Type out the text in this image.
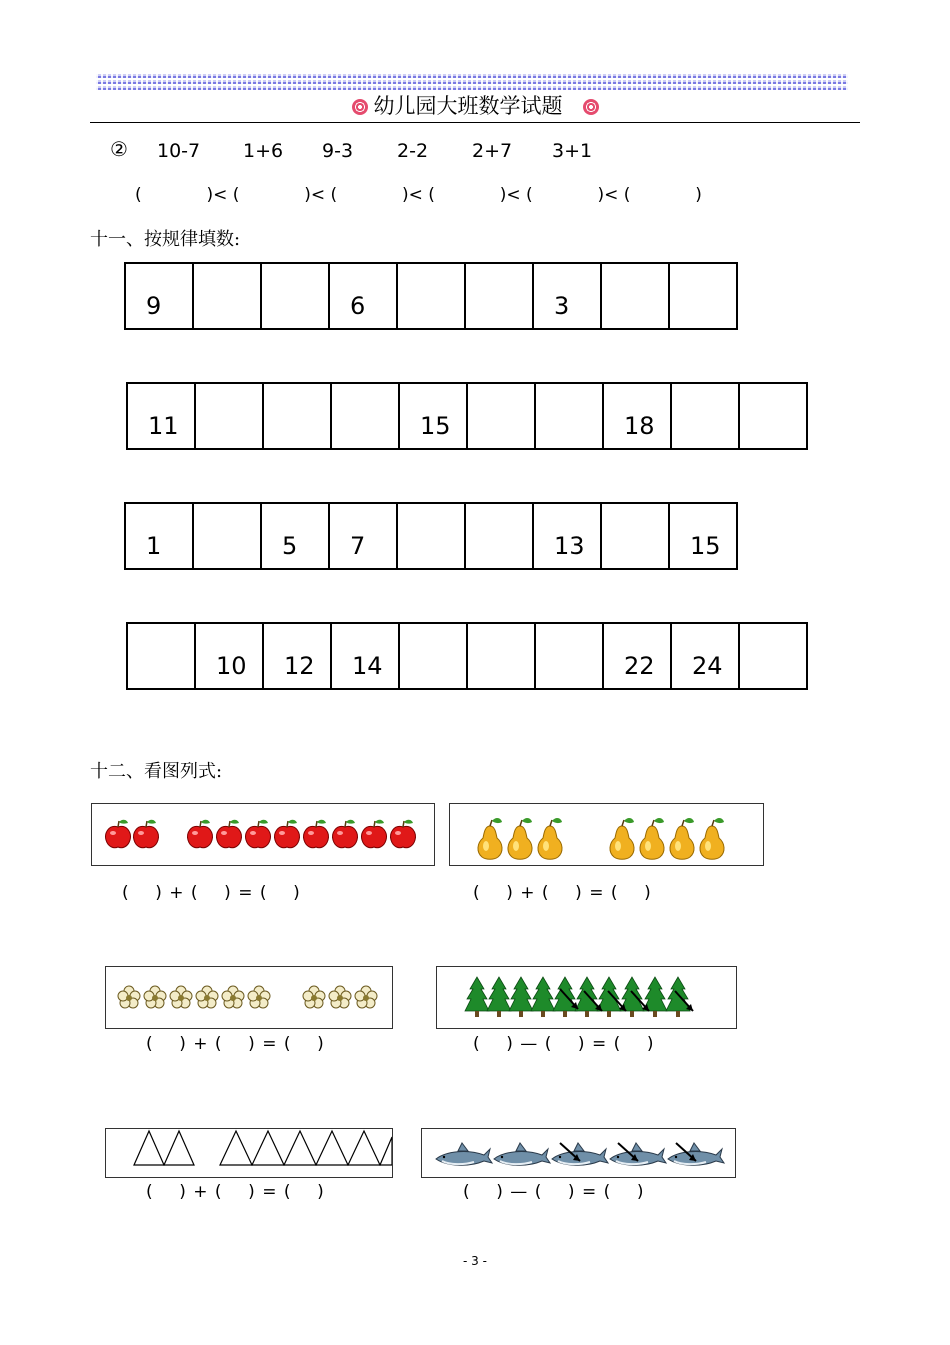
幼儿园大班数学试题
② 10-7 1+6 9-3 2-2 2+7 3+1
(            )< (            )< (            )< (            )< (            )< (            )
十一、按规律填数:
9	6	3
11	15	18
1	5 7	13	15
10 12 14	22 24
十二、看图列式:
(    ) + (    ) = (    )	(    ) + (    ) = (    )
(    ) + (    ) = (    )	(    ) — (    ) = (    )
(    ) + (    ) = (    )	(    ) — (    ) = (    )
- 3 -
